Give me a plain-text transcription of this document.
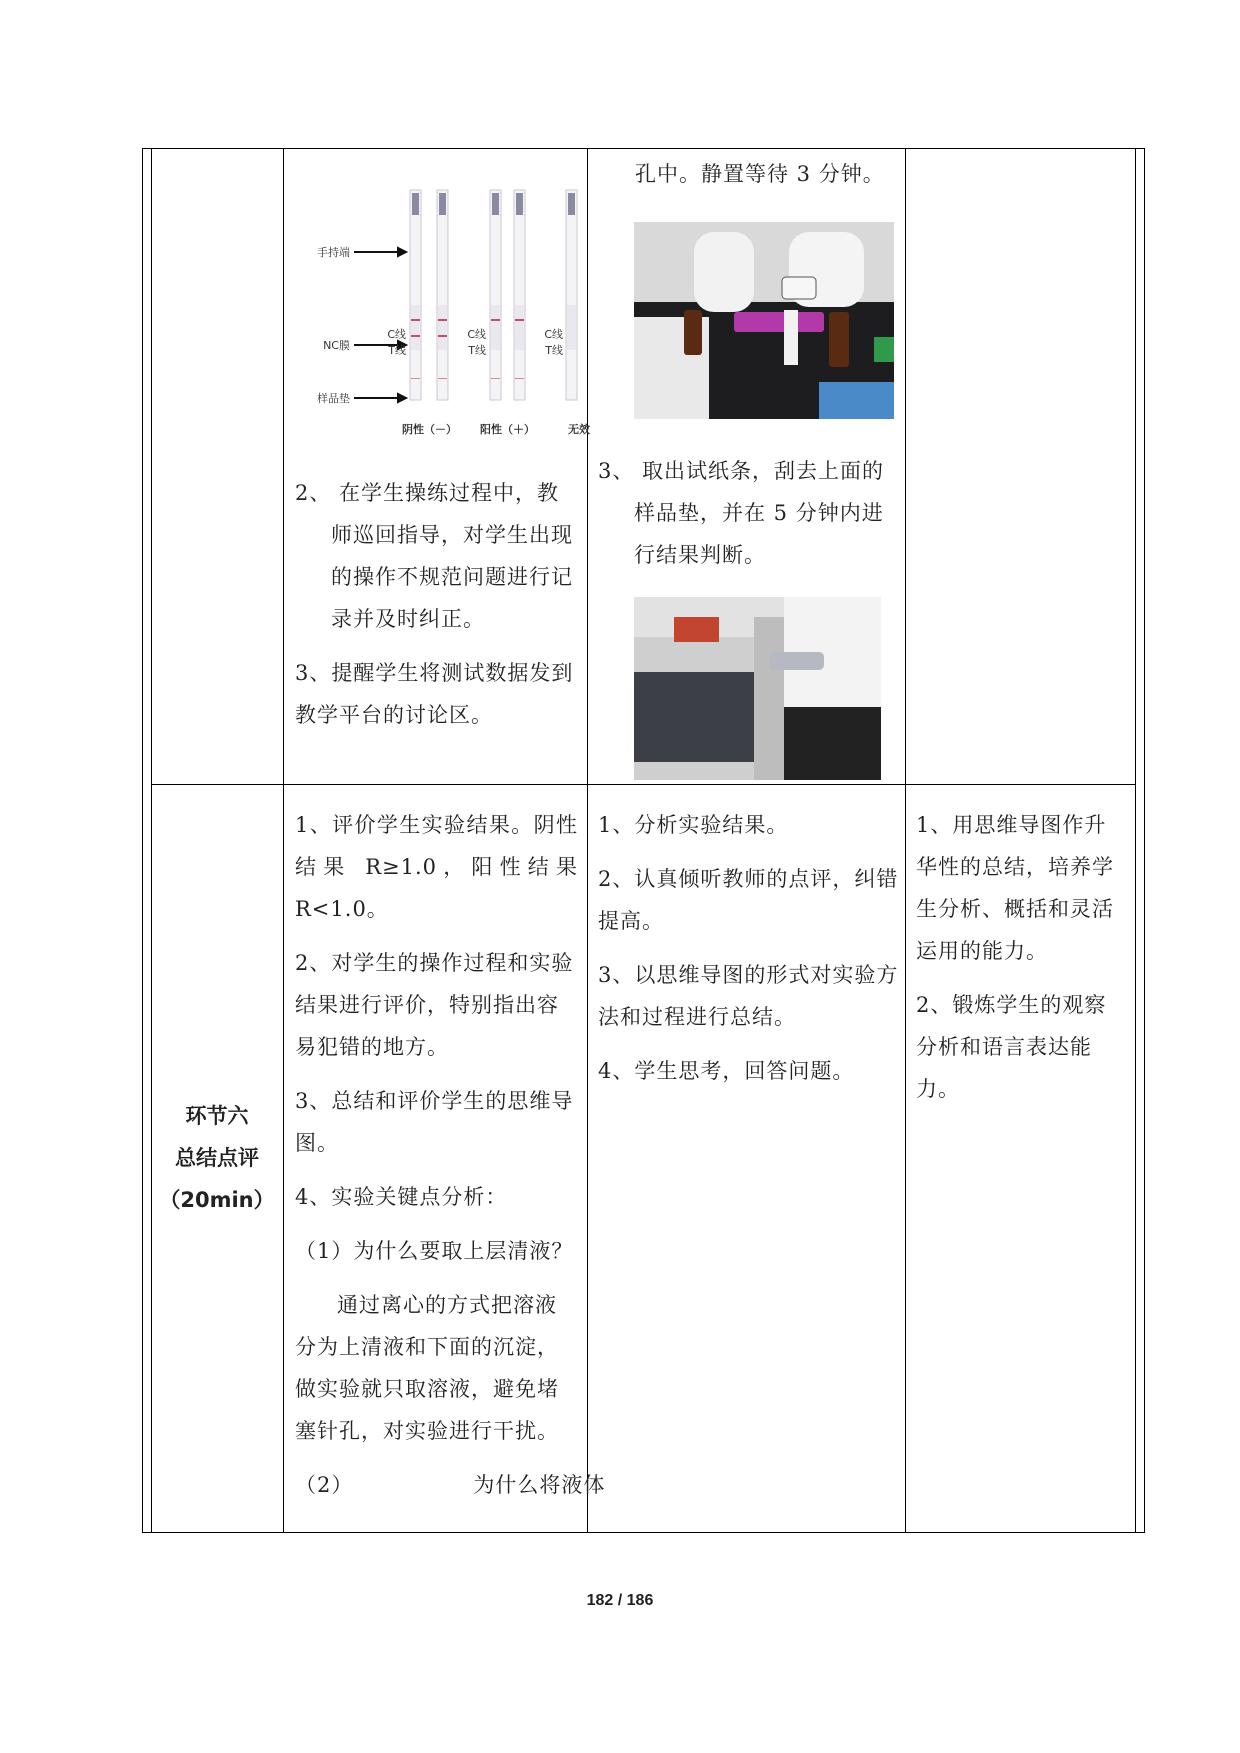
手持端
NC膜
样品垫
C线
T线
C线
T线
C线
T线
阴性（－） 阳性（＋）	无效

2、 在学生操练过程中，教师巡回指导，对学生出现的操作不规范问题进行记录并及时纠正。

3、提醒学生将测试数据发到教学平台的讨论区。

孔中。静置等待 3 分钟。

3、 取出试纸条，刮去上面的样品垫，并在 5 分钟内进行结果判断。

环节六
总结点评
（20min）

1、评价学生实验结果。阴性结果 R≥1.0，阳性结果 R<1.0。

2、对学生的操作过程和实验结果进行评价，特别指出容易犯错的地方。

3、总结和评价学生的思维导图。

4、实验关键点分析：

（1）为什么要取上层清液？

通过离心的方式把溶液分为上清液和下面的沉淀，做实验就只取溶液，避免堵塞针孔，对实验进行干扰。

（2）	为什么将液体

1、分析实验结果。

2、认真倾听教师的点评，纠错提高。

3、以思维导图的形式对实验方法和过程进行总结。

4、学生思考，回答问题。

1、用思维导图作升华性的总结，培养学生分析、概括和灵活运用的能力。

2、锻炼学生的观察分析和语言表达能力。

182 / 186
